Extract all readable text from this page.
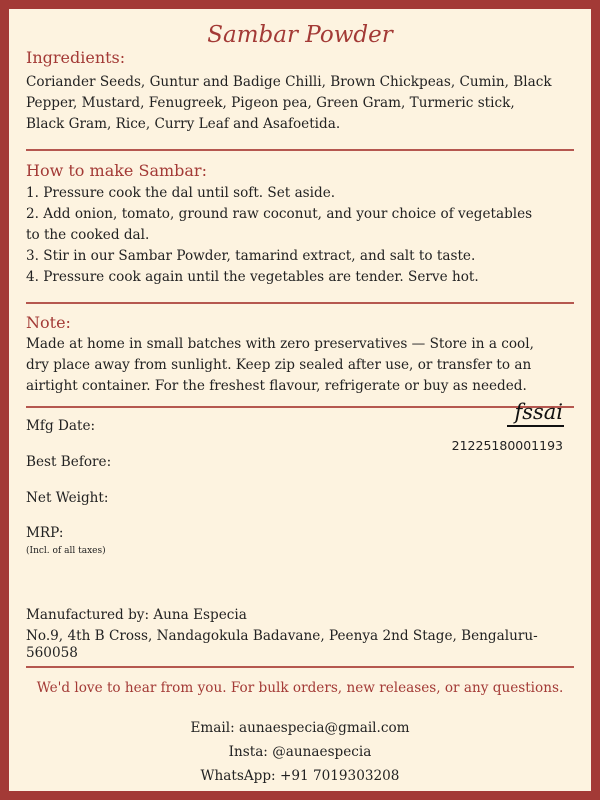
Sambar Powder
Ingredients:
Coriander Seeds, Guntur and Badige Chilli, Brown Chickpeas, Cumin, Black
Pepper, Mustard, Fenugreek, Pigeon pea, Green Gram, Turmeric stick,
Black Gram, Rice, Curry Leaf and Asafoetida.
How to make Sambar:
1. Pressure cook the dal until soft. Set aside.
2. Add onion, tomato, ground raw coconut, and your choice of vegetables
to the cooked dal.
3. Stir in our Sambar Powder, tamarind extract, and salt to taste.
4. Pressure cook again until the vegetables are tender. Serve hot.
Note:
Made at home in small batches with zero preservatives — Store in a cool,
dry place away from sunlight. Keep zip sealed after use, or transfer to an
airtight container. For the freshest flavour, refrigerate or buy as needed.
Mfg Date:
fssai
21225180001193
Best Before:
Net Weight:
MRP:
(Incl. of all taxes)
Manufactured by: Auna Especia
No.9, 4th B Cross, Nandagokula Badavane, Peenya 2nd Stage, Bengaluru-
560058
We'd love to hear from you. For bulk orders, new releases, or any questions.
Email: aunaespecia@gmail.com
Insta: @aunaespecia
WhatsApp: +91 7019303208
